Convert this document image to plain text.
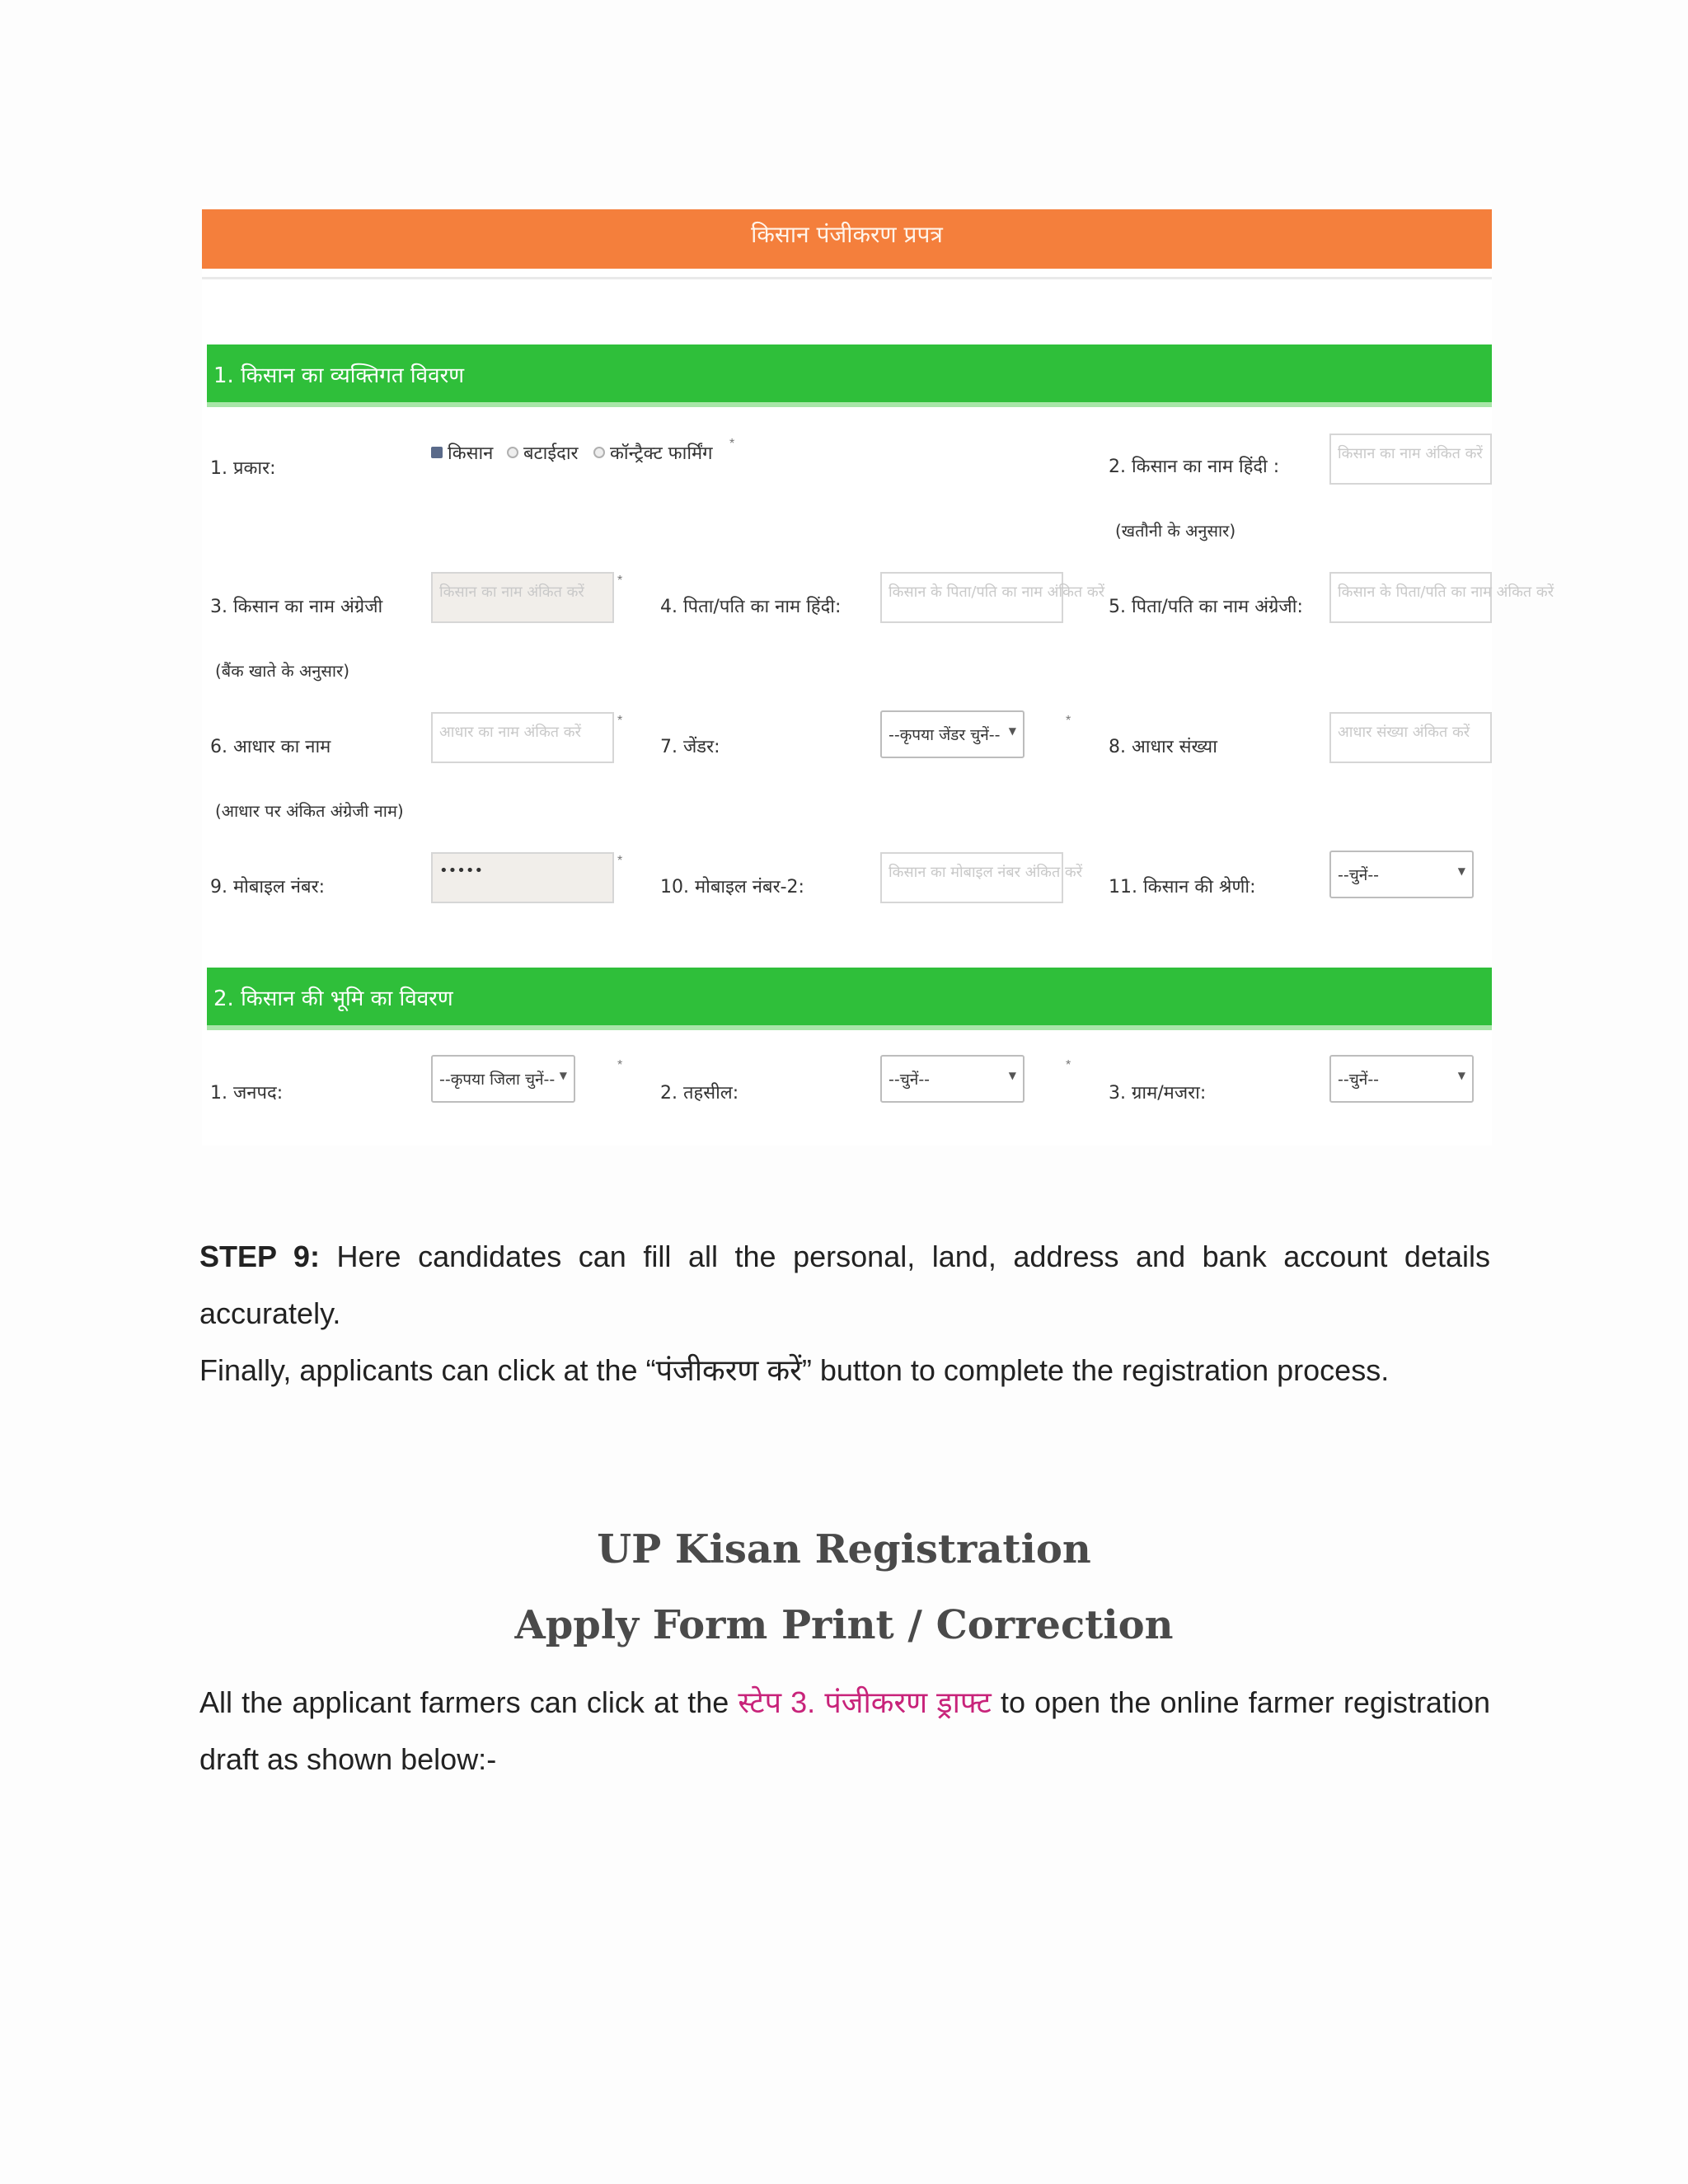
किसान पंजीकरण प्रपत्र
1. किसान का व्यक्तिगत विवरण
1. प्रकार:
किसान बटाईदार कॉन्ट्रैक्ट फार्मिंग *
2. किसान का नाम हिंदी :
(खतौनी के अनुसार)
किसान का नाम अंकित करें
3. किसान का नाम अंग्रेजी
(बैंक खाते के अनुसार)
किसान का नाम अंकित करें
*
4. पिता/पति का नाम हिंदी:
किसान के पिता/पति का नाम अंकित करें
5. पिता/पति का नाम अंग्रेजी:
किसान के पिता/पति का नाम अंकित करें
6. आधार का नाम
(आधार पर अंकित अंग्रेजी नाम)
आधार का नाम अंकित करें
*
7. जेंडर:
--कृपया जेंडर चुनें-- ▼
*
8. आधार संख्या
आधार संख्या अंकित करें
9. मोबाइल नंबर:
•••••
*
10. मोबाइल नंबर-2:
किसान का मोबाइल नंबर अंकित करें
11. किसान की श्रेणी:
--चुनें--	▼
2. किसान की भूमि का विवरण
1. जनपद:
--कृपया जिला चुनें-- ▼
*
2. तहसील:
--चुनें--	▼
*
3. ग्राम/मजरा:
--चुनें--	▼
STEP 9: Here candidates can fill all the personal, land, address and bank account details accurately.
Finally, applicants can click at the “पंजीकरण करें” button to complete the registration process.
UP Kisan Registration
Apply Form Print / Correction
All the applicant farmers can click at the स्टेप 3. पंजीकरण ड्राफ्ट to open the online farmer registration draft as shown below:-
